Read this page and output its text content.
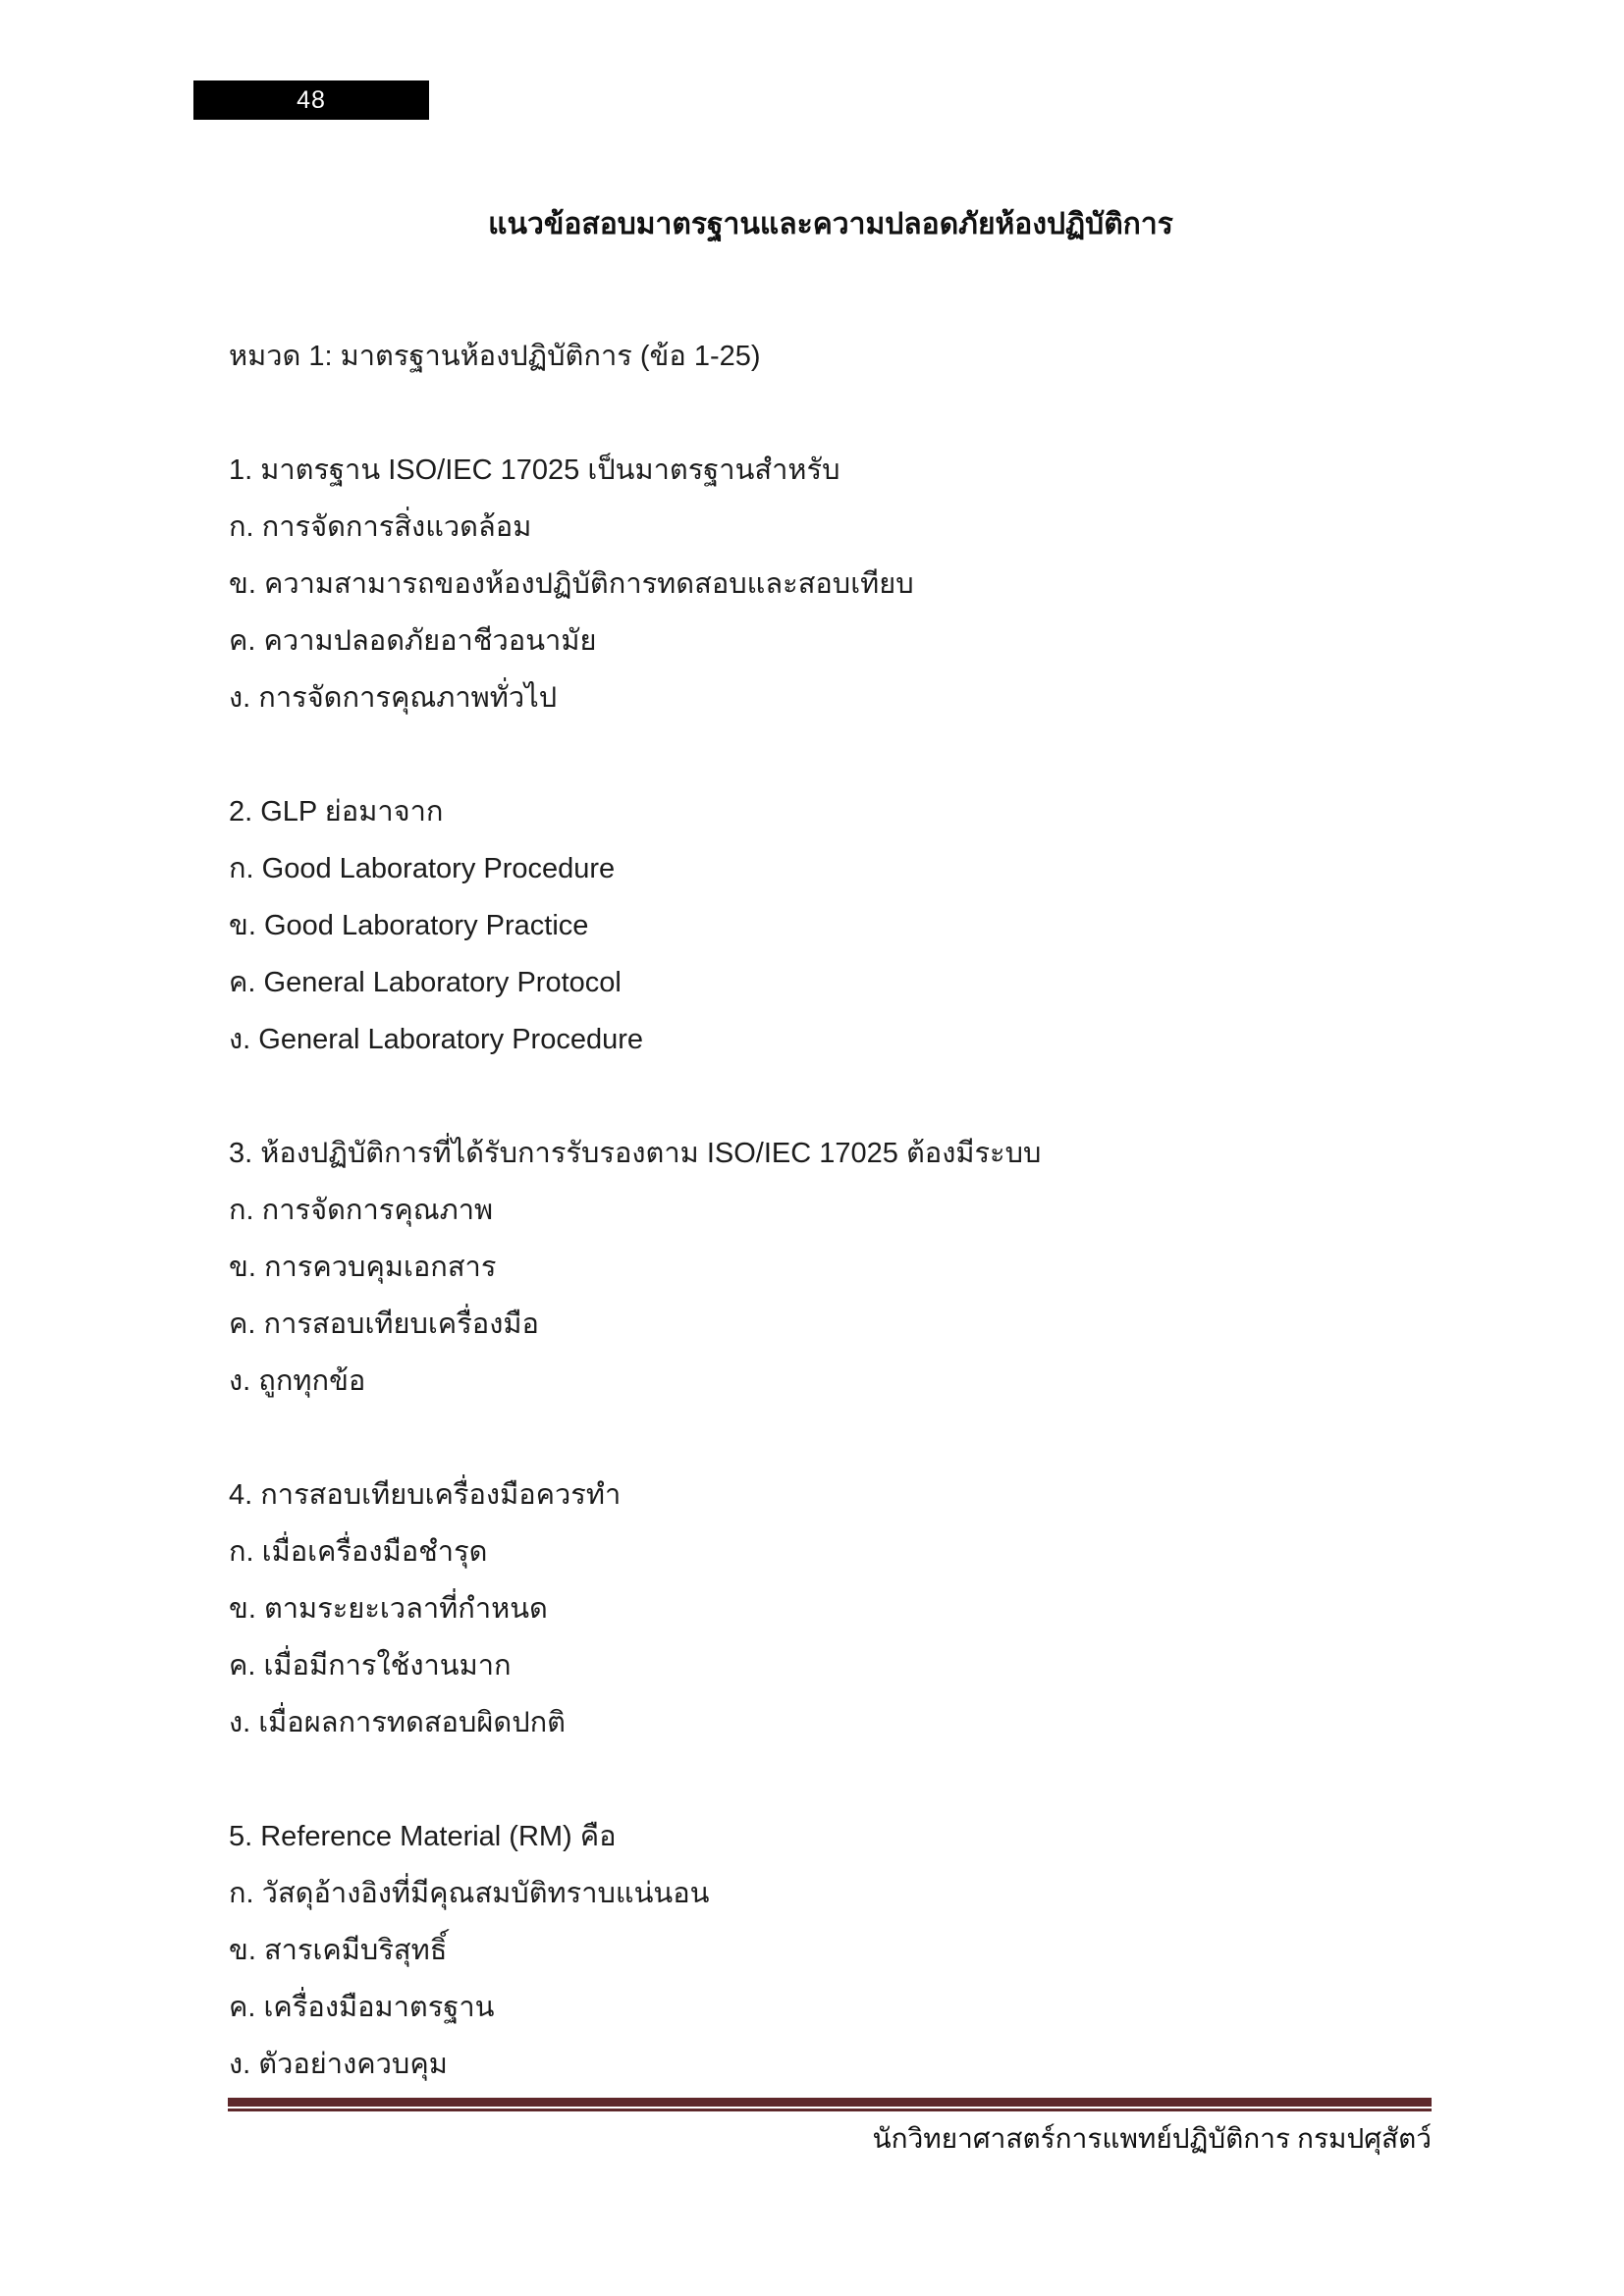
48
แนวข้อสอบมาตรฐานและความปลอดภัยห้องปฏิบัติการ
หมวด 1: มาตรฐานห้องปฏิบัติการ (ข้อ 1-25)
1. มาตรฐาน ISO/IEC 17025 เป็นมาตรฐานสำหรับ
ก. การจัดการสิ่งแวดล้อม
ข. ความสามารถของห้องปฏิบัติการทดสอบและสอบเทียบ
ค. ความปลอดภัยอาชีวอนามัย
ง. การจัดการคุณภาพทั่วไป
2. GLP ย่อมาจาก
ก. Good Laboratory Procedure
ข. Good Laboratory Practice
ค. General Laboratory Protocol
ง. General Laboratory Procedure
3. ห้องปฏิบัติการที่ได้รับการรับรองตาม ISO/IEC 17025 ต้องมีระบบ
ก. การจัดการคุณภาพ
ข. การควบคุมเอกสาร
ค. การสอบเทียบเครื่องมือ
ง. ถูกทุกข้อ
4. การสอบเทียบเครื่องมือควรทำ
ก. เมื่อเครื่องมือชำรุด
ข. ตามระยะเวลาที่กำหนด
ค. เมื่อมีการใช้งานมาก
ง. เมื่อผลการทดสอบผิดปกติ
5. Reference Material (RM) คือ
ก. วัสดุอ้างอิงที่มีคุณสมบัติทราบแน่นอน
ข. สารเคมีบริสุทธิ์
ค. เครื่องมือมาตรฐาน
ง. ตัวอย่างควบคุม
นักวิทยาศาสตร์การแพทย์ปฏิบัติการ กรมปศุสัตว์
